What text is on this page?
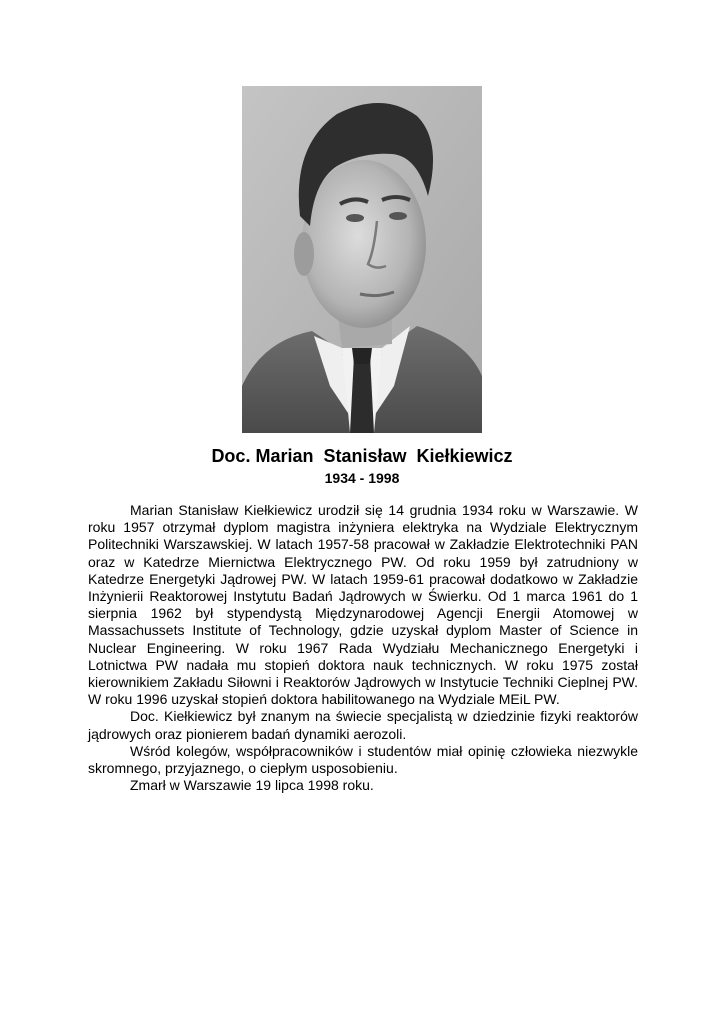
Doc. Marian  Stanisław  Kiełkiewicz
1934 - 1998

Marian Stanisław Kiełkiewicz urodził się 14 grudnia 1934 roku w Warszawie. W roku 1957 otrzymał dyplom magistra inżyniera elektryka na Wydziale Elektrycznym Politechniki Warszawskiej. W latach 1957-58 pracował w Zakładzie Elektrotechniki PAN oraz w Katedrze Miernictwa Elektrycznego PW. Od roku 1959 był zatrudniony w Katedrze Energetyki Jądrowej PW. W latach 1959-61 pracował dodatkowo w Zakładzie Inżynierii Reaktorowej Instytutu Badań Jądrowych w Świerku. Od 1 marca 1961 do 1 sierpnia 1962 był stypendystą Międzynarodowej Agencji Energii Atomowej w Massachussets Institute of Technology, gdzie uzyskał dyplom Master of Science in Nuclear Engineering. W roku 1967 Rada Wydziału Mechanicznego Energetyki i Lotnictwa PW nadała mu stopień doktora nauk technicznych. W roku 1975 został kierownikiem Zakładu Siłowni i Reaktorów Jądrowych w Instytucie Techniki Cieplnej PW. W roku 1996 uzyskał stopień doktora habilitowanego na Wydziale MEiL PW.

Doc. Kiełkiewicz był znanym na świecie specjalistą w dziedzinie fizyki reaktorów jądrowych oraz pionierem badań dynamiki aerozoli.

Wśród kolegów, współpracowników i studentów miał opinię człowieka niezwykle skromnego, przyjaznego, o ciepłym usposobieniu.

Zmarł w Warszawie 19 lipca 1998 roku.
